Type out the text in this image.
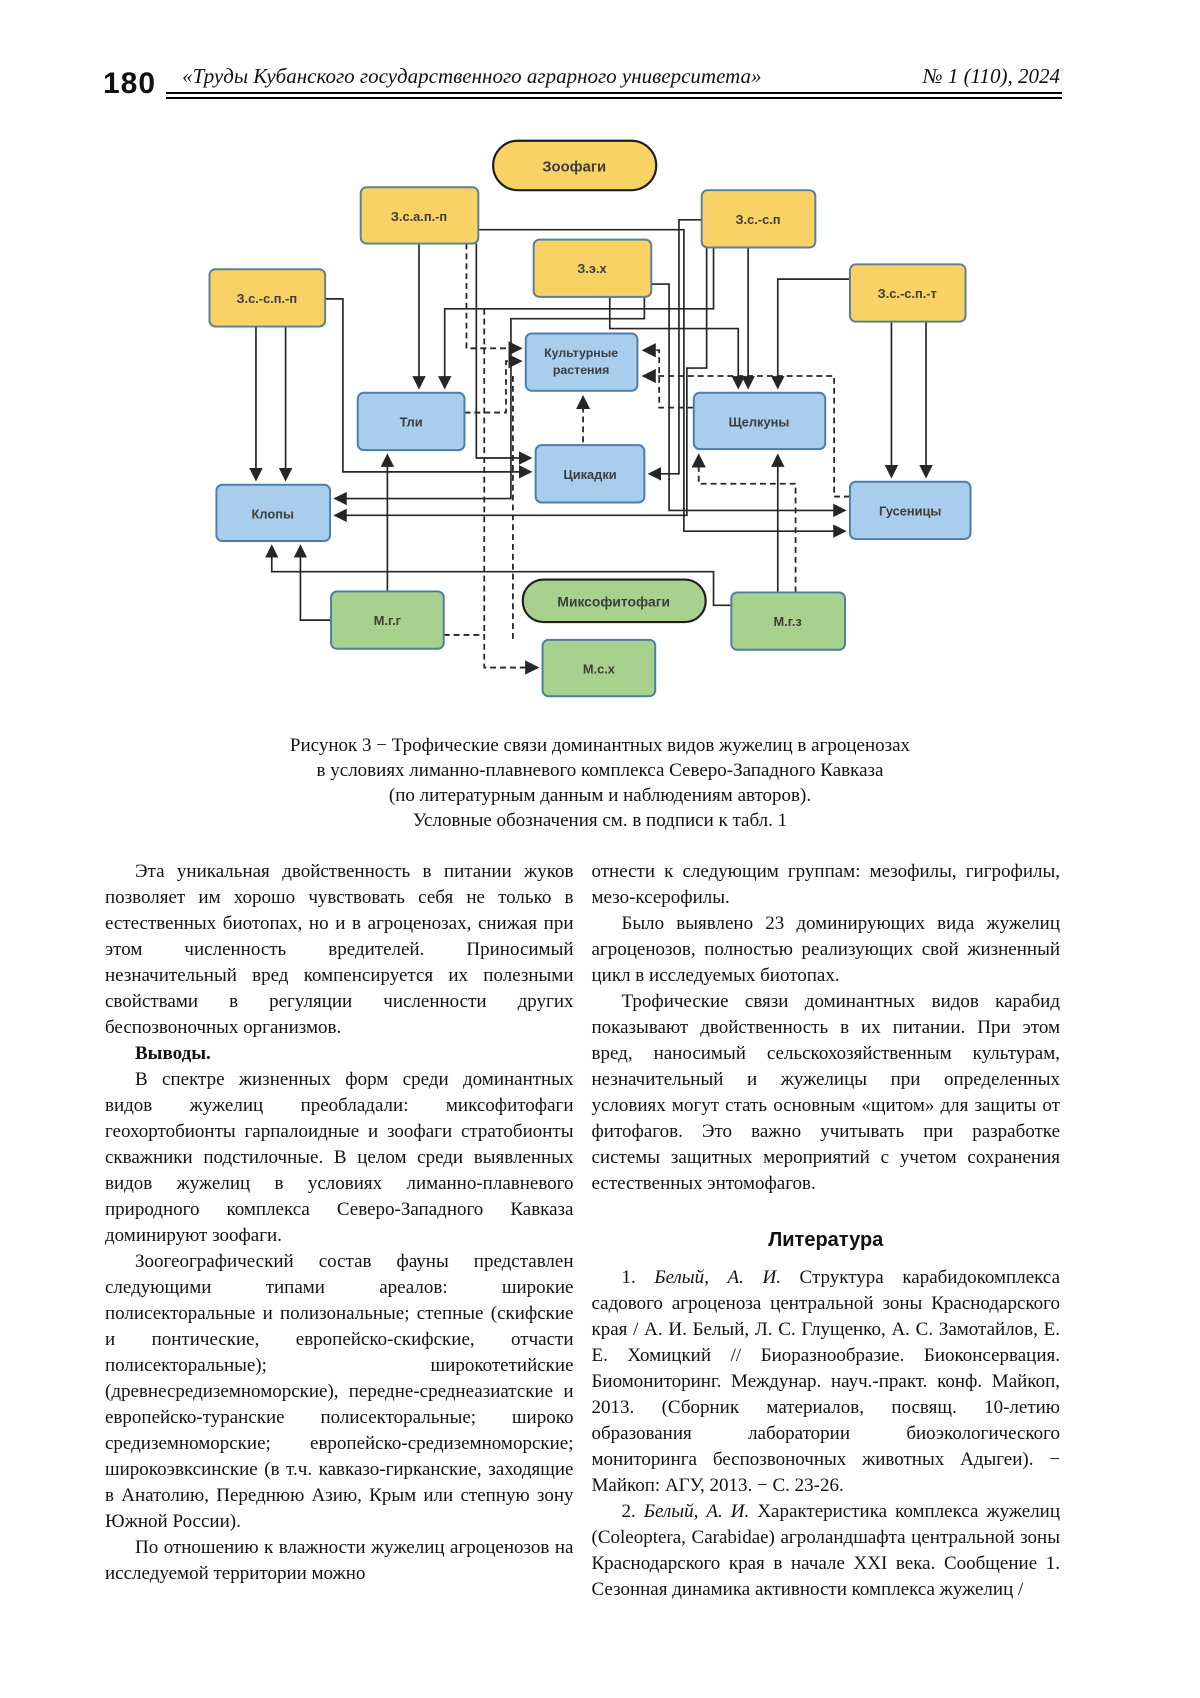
180	«Труды Кубанского государственного аграрного университета»	№ 1 (110), 2024
Зоофаги
З.с.а.п.-п	З.с.-с.п
З.э.х
З.с.-с.п.-п	З.с.-с.п.-т
Культурные
растения
Тли	Щелкуны
Цикадки
Клопы	Гусеницы
Миксофитофаги
М.г.г	М.г.з
М.с.х
Рисунок 3 − Трофические связи доминантных видов жужелиц в агроценозах
в условиях лиманно-плавневого комплекса Северо-Западного Кавказа
(по литературным данным и наблюдениям авторов).
Условные обозначения см. в подписи к табл. 1
Эта уникальная двойственность в питании жуков позволяет им хорошо чувствовать себя не только в естественных биотопах, но и в агроценозах, снижая при этом численность вредителей. Приносимый незначительный вред компенсируется их полезными свойствами в регуляции численности других беспозвоночных организмов.
Выводы.
В спектре жизненных форм среди доминантных видов жужелиц преобладали: миксофитофаги геохортобионты гарпалоидные и зоофаги стратобионты скважники подстилочные. В целом среди выявленных видов жужелиц в условиях лиманно-плавневого природного комплекса Северо-Западного Кавказа доминируют зоофаги.
Зоогеографический состав фауны представлен следующими типами ареалов: широкие полисекторальные и полизональные; степные (скифские и понтические, европейско-скифские, отчасти полисекторальные); широкотетийские (древнесредиземноморские), передне-среднеазиатские и европейско-туранские полисекторальные; широко средиземноморские; европейско-средиземноморские; широкоэвксинские (в т.ч. кавказо-гирканские, заходящие в Анатолию, Переднюю Азию, Крым или степную зону Южной России).
По отношению к влажности жужелиц агроценозов на исследуемой территории можно
отнести к следующим группам: мезофилы, гигрофилы, мезо-ксерофилы.
Было выявлено 23 доминирующих вида жужелиц агроценозов, полностью реализующих свой жизненный цикл в исследуемых биотопах.
Трофические связи доминантных видов карабид показывают двойственность в их питании. При этом вред, наносимый сельскохозяйственным культурам, незначительный и жужелицы при определенных условиях могут стать основным «щитом» для защиты от фитофагов. Это важно учитывать при разработке системы защитных мероприятий с учетом сохранения естественных энтомофагов.
Литература
1. Белый, А. И. Структура карабидокомплекса садового агроценоза центральной зоны Краснодарского края / А. И. Белый, Л. С. Глущенко, А. С. Замотайлов, Е. Е. Хомицкий // Биоразнообразие. Биоконсервация. Биомониторинг. Междунар. науч.-практ. конф. Майкоп, 2013. (Сборник материалов, посвящ. 10-летию образования лаборатории биоэкологического мониторинга беспозвоночных животных Адыгеи). − Майкоп: АГУ, 2013. − С. 23-26.
2. Белый, А. И. Характеристика комплекса жужелиц (Coleoptera, Carabidae) агроландшафта центральной зоны Краснодарского края в начале XXI века. Сообщение 1. Сезонная динамика активности комплекса жужелиц /
